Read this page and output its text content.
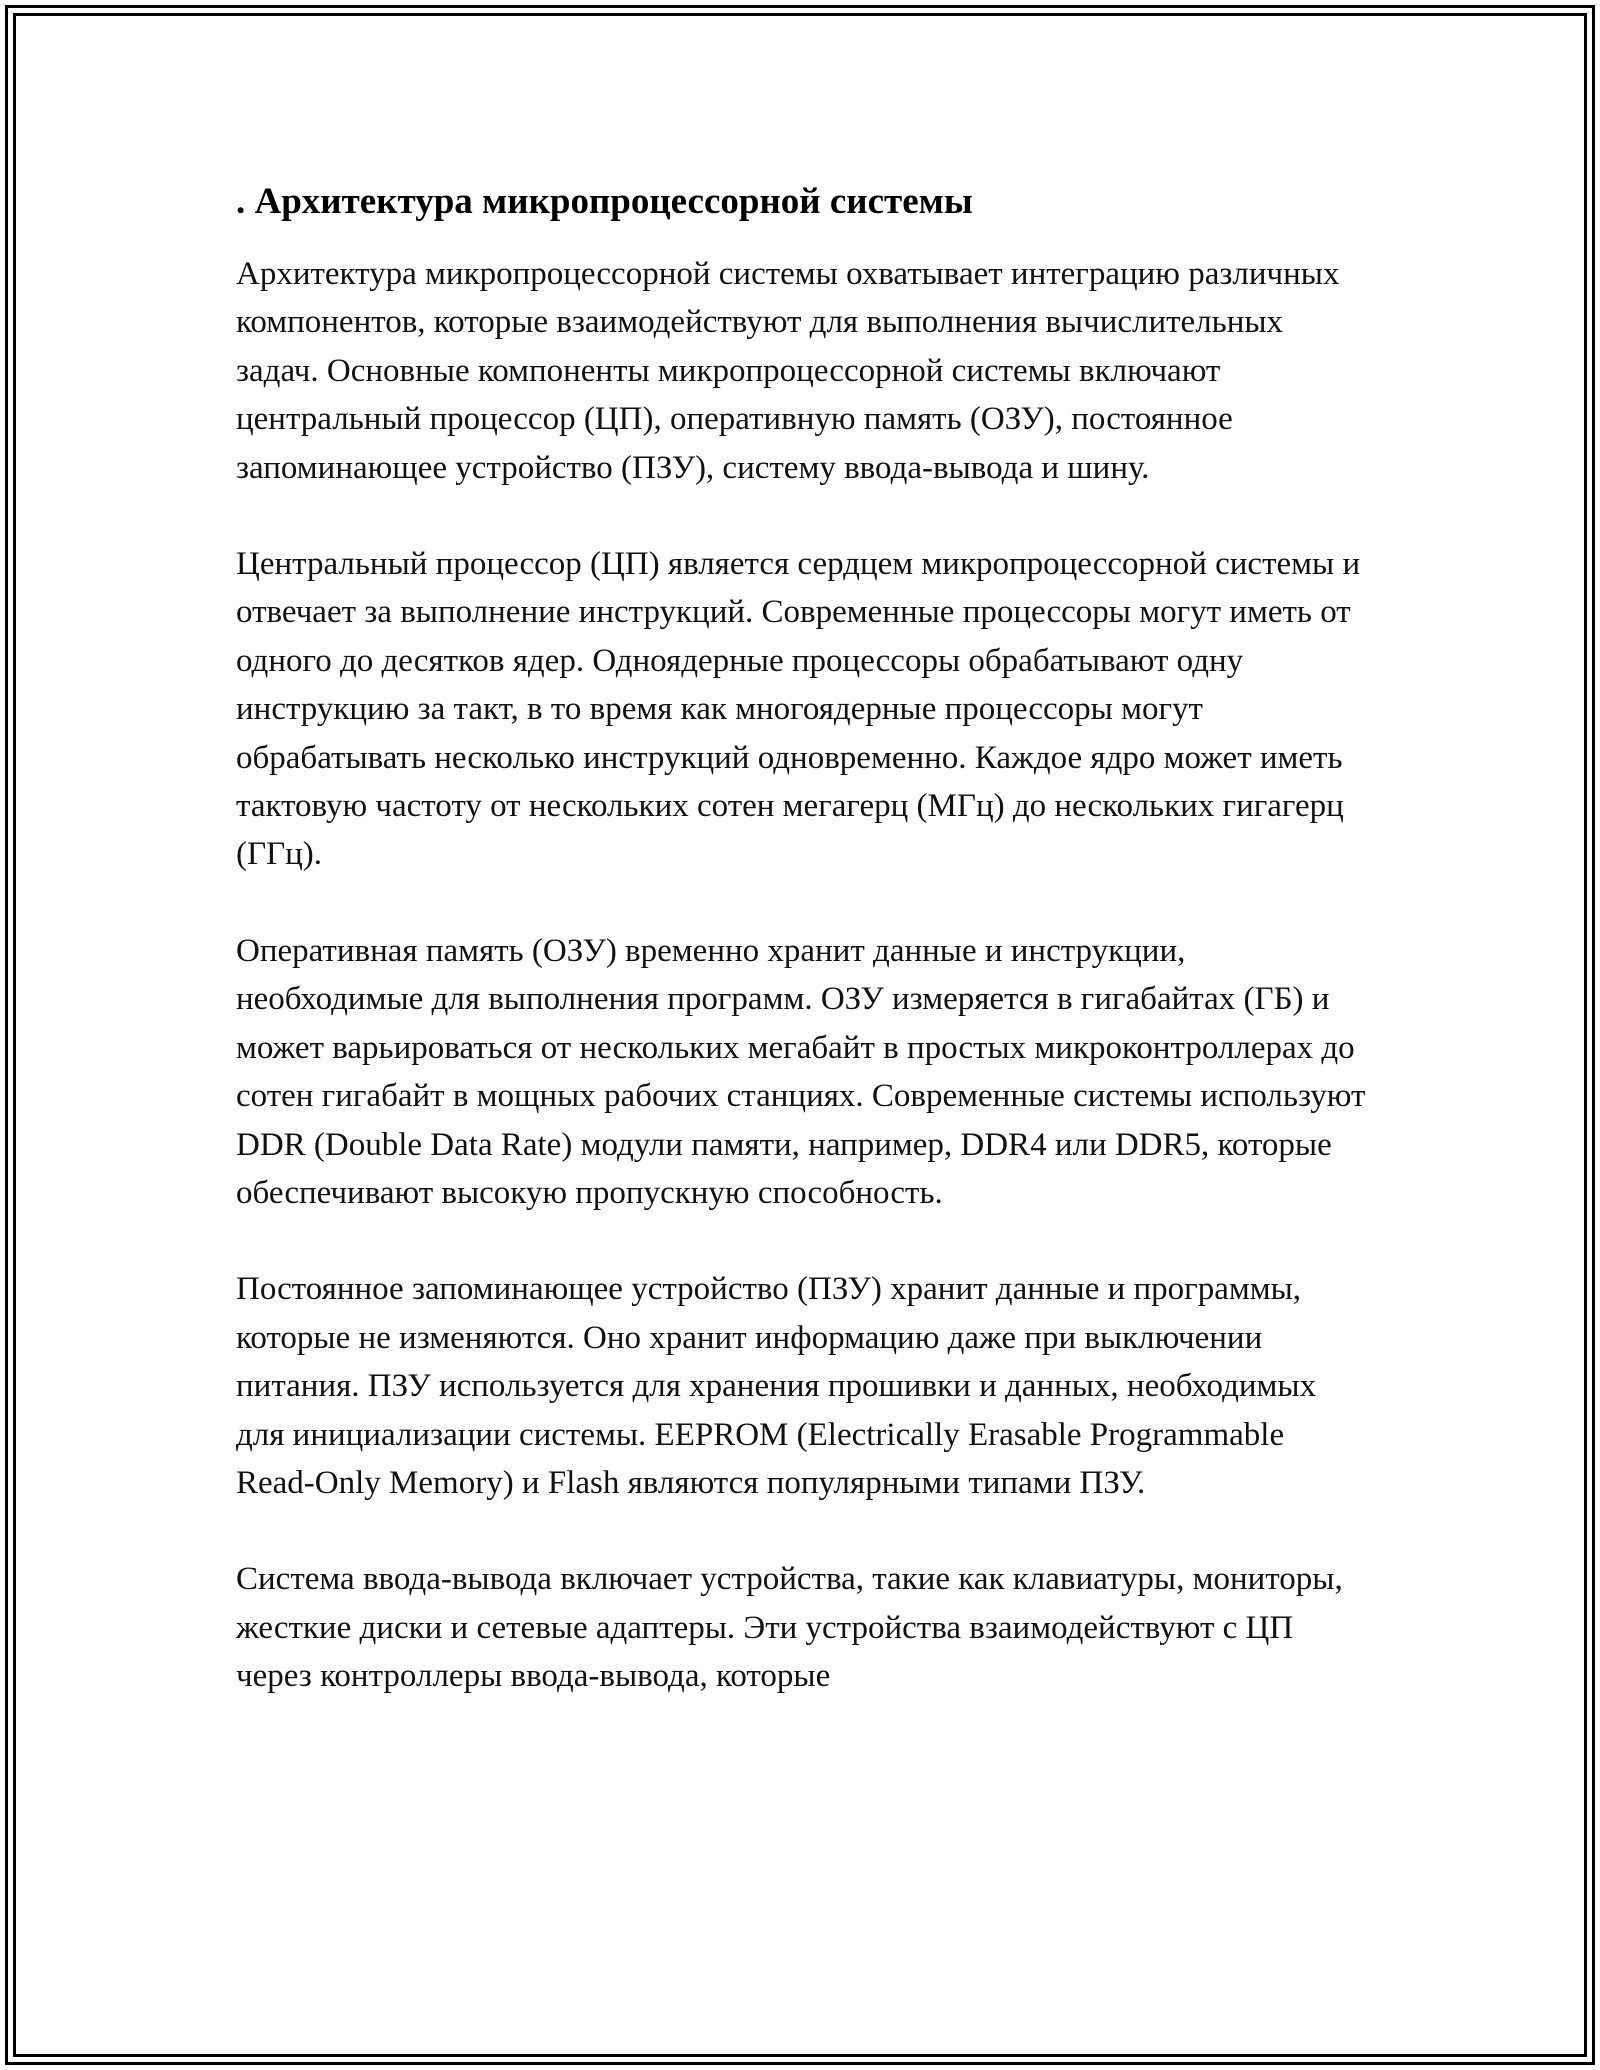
. Архитектура микропроцессорной системы

Архитектура микропроцессорной системы охватывает интеграцию различных компонентов, которые взаимодействуют для выполнения вычислительных задач. Основные компоненты микропроцессорной системы включают центральный процессор (ЦП), оперативную память (ОЗУ), постоянное запоминающее устройство (ПЗУ), систему ввода-вывода и шину.

Центральный процессор (ЦП) является сердцем микропроцессорной системы и отвечает за выполнение инструкций. Современные процессоры могут иметь от одного до десятков ядер. Одноядерные процессоры обрабатывают одну инструкцию за такт, в то время как многоядерные процессоры могут обрабатывать несколько инструкций одновременно. Каждое ядро может иметь тактовую частоту от нескольких сотен мегагерц (МГц) до нескольких гигагерц (ГГц).

Оперативная память (ОЗУ) временно хранит данные и инструкции, необходимые для выполнения программ. ОЗУ измеряется в гигабайтах (ГБ) и может варьироваться от нескольких мегабайт в простых микроконтроллерах до сотен гигабайт в мощных рабочих станциях. Современные системы используют DDR (Double Data Rate) модули памяти, например, DDR4 или DDR5, которые обеспечивают высокую пропускную способность.

Постоянное запоминающее устройство (ПЗУ) хранит данные и программы, которые не изменяются. Оно хранит информацию даже при выключении питания. ПЗУ используется для хранения прошивки и данных, необходимых для инициализации системы. EEPROM (Electrically Erasable Programmable Read-Only Memory) и Flash являются популярными типами ПЗУ.

Система ввода-вывода включает устройства, такие как клавиатуры, мониторы, жесткие диски и сетевые адаптеры. Эти устройства взаимодействуют с ЦП через контроллеры ввода-вывода, которые
